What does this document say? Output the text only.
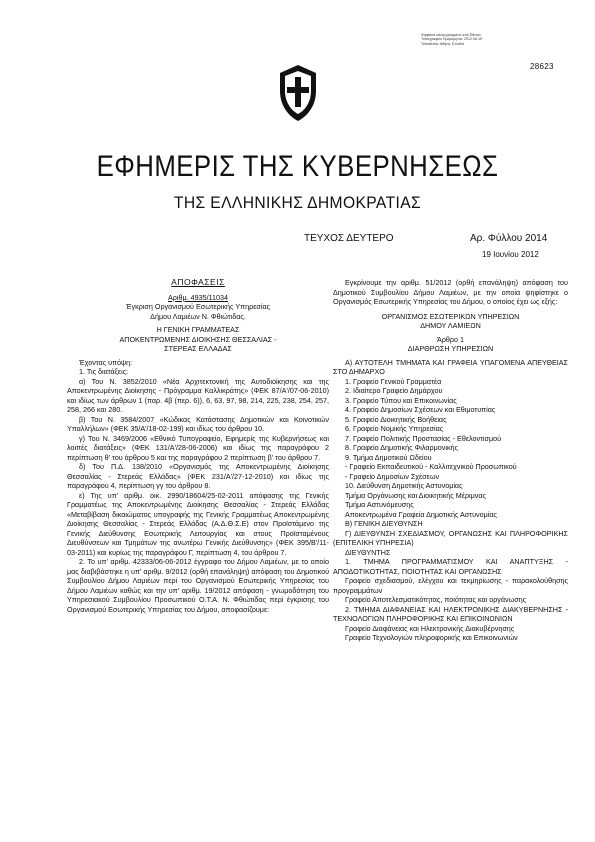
Ψηφιακά υπογεγραμμένο από Εθνικό Τυπογραφείο Ημερομηνία: 2012.06.19 Τοποθεσία: Αθήνα, Ελλάδα
28623
ΕΦΗΜΕΡΙΣ ΤΗΣ ΚΥΒΕΡΝΗΣΕΩΣ
ΤΗΣ ΕΛΛΗΝΙΚΗΣ ΔΗΜΟΚΡΑΤΙΑΣ
ΤΕΥΧΟΣ ΔΕΥΤΕΡΟ	Αρ. Φύλλου 2014
19 Ιουνίου 2012

ΑΠΟΦΑΣΕΙΣ

Αριθμ. 4935/11034

Έγκριση Οργανισμού Εσωτερικής Υπηρεσίας

Δήμου Λαμιέων Ν. Φθιώτιδας.

Η ΓΕΝΙΚΗ ΓΡΑΜΜΑΤΕΑΣ

ΑΠΟΚΕΝΤΡΩΜΕΝΗΣ ΔΙΟΙΚΗΣΗΣ ΘΕΣΣΑΛΙΑΣ -

ΣΤΕΡΕΑΣ ΕΛΛΑΔΑΣ

Έχοντας υπόψη:

1. Τις διατάξεις:

α) Του Ν. 3852/2010 «Νέα Αρχιτεκτονική της Αυτοδιοίκησης και της Αποκεντρωμένης Διοίκησης - Πρόγραμμα Καλλικράτης» (ΦΕΚ 87/Α'/07-06-2010) και ιδίως των άρθρων 1 (παρ. 4β (περ. 6)), 6, 63, 97, 98, 214, 225, 238, 254, 257, 258, 266 και 280.

β) Του Ν. 3584/2007 «Κώδικας Κατάστασης Δημοτικών και Κοινοτικών Υπαλλήλων» (ΦΕΚ 35/Α'/18-02-199) και ιδίως του άρθρου 10.

γ) Του Ν. 3469/2006 «Εθνικό Τυπογραφείο, Εφημερίς της Κυβερνήσεως και λοιπές διατάξεις» (ΦΕΚ 131/Α'/28-06-2006) και ιδίως της παραγράφου 2 περίπτωση θ' του άρθρου 5 και της παραγράφου 2 περίπτωση β' του άρθρου 7.

δ) Του Π.Δ. 138/2010 «Οργανισμός της Αποκεντρωμένης Διοίκησης Θεσσαλίας - Στερεάς Ελλάδας» (ΦΕΚ 231/Α'/27-12-2010) και ιδίως της παραγράφου 4, περίπτωση γγ του άρθρου 8.

ε) Της υπ' αριθμ. οικ. 2990/18604/25-02-2011 απόφασης της Γενικής Γραμματέως της Αποκεντρωμένης Διοίκησης Θεσσαλίας - Στερεάς Ελλάδας «Μεταβίβαση δικαιώματος υπογραφής της Γενικής Γραμματέως Αποκεντρωμένης Διοίκησης Θεσσαλίας - Στερεάς Ελλάδας (Α.Δ.Θ.Σ.Ε) στον Προϊστάμενο της Γενικής Διεύθυνσης Εσωτερικής Λειτουργίας και στους Προϊσταμένους Διευθύνσεων και Τμημάτων της ανωτέρω Γενικής Διεύθυνσης» (ΦΕΚ 395/Β'/11-03-2011) και κυρίως της παραγράφου Γ, περίπτωση 4, του άρθρου 7.

2. Το υπ' αριθμ. 42333/06-06-2012 έγγραφο του Δήμου Λαμιέων, με το οποίο μας διαβιβάστηκε η υπ' αριθμ. 9/2012 (ορθή επανάληψη) απόφαση του Δημοτικού Συμβουλίου Δήμου Λαμιέων περί του Οργανισμού Εσωτερικής Υπηρεσίας του Δήμου Λαμιέων καθώς και την υπ' αριθμ. 19/2012 απόφαση - γνωμοδότηση του Υπηρεσιακού Συμβουλίου Προσωπικού Ο.Τ.Α. Ν. Φθιώτιδας περί έγκρισης του Οργανισμού Εσωτερικής Υπηρεσίας του Δήμου, αποφασίζουμε:

Εγκρίνουμε την αριθμ. 51/2012 (ορθή επανάληψη) απόφαση του Δημοτικού Συμβουλίου Δήμου Λαμιέων, με την οποία ψηφίστηκε ο Οργανισμός Εσωτερικής Υπηρεσίας του Δήμου, ο οποίος έχει ως εξής:

ΟΡΓΑΝΙΣΜΟΣ ΕΣΩΤΕΡΙΚΩΝ ΥΠΗΡΕΣΙΩΝ

ΔΗΜΟΥ ΛΑΜΙΕΩΝ

Άρθρο 1

ΔΙΑΡΘΡΩΣΗ ΥΠΗΡΕΣΙΩΝ

Α) ΑΥΤΟΤΕΛΗ ΤΜΗΜΑΤΑ ΚΑΙ ΓΡΑΦΕΙΑ ΥΠΑΓΟΜΕΝΑ ΑΠΕΥΘΕΙΑΣ ΣΤΟ ΔΗΜΑΡΧΟ

1. Γραφείο Γενικού Γραμματέα

2. Ιδιαίτερο Γραφείο Δημάρχου

3. Γραφείο Τύπου και Επικοινωνίας

4. Γραφείο Δημοσίων Σχέσεων και Εθιμοτυπίας

5. Γραφείο Διοικητικής Βοήθειας

6. Γραφείο Νομικής Υπηρεσίας

7. Γραφείο Πολιτικής Προστασίας - Εθελοντισμού

8. Γραφείο Δημοτικής Φιλαρμονικής

9. Τμήμα Δημοτικού Ωδείου

- Γραφείο Εκπαιδευτικού - Καλλιτεχνικού Προσωπικού

- Γραφείο Δημοσίων Σχέσεων

10. Διεύθυνση Δημοτικής Αστυνομίας

Τμήμα Οργάνωσης και Διοικητικής Μέριμνας

Τμήμα Αστυνόμευσης

Αποκεντρωμένα Γραφεία Δημοτικής Αστυνομίας

Β) ΓΕΝΙΚΗ ΔΙΕΥΘΥΝΣΗ

Γ) ΔΙΕΥΘΥΝΣΗ ΣΧΕΔΙΑΣΜΟΥ, ΟΡΓΑΝΩΣΗΣ ΚΑΙ ΠΛΗΡΟΦΟΡΙΚΗΣ (ΕΠΙΤΕΛΙΚΗ ΥΠΗΡΕΣΙΑ)

ΔΙΕΥΘΥΝΤΗΣ

1. ΤΜΗΜΑ ΠΡΟΓΡΑΜΜΑΤΙΣΜΟΥ ΚΑΙ ΑΝΑΠΤΥΞΗΣ - ΑΠΟΔΟΤΙΚΟΤΗΤΑΣ, ΠΟΙΟΤΗΤΑΣ ΚΑΙ ΟΡΓΑΝΩΣΗΣ

Γραφείο σχεδιασμού, ελέγχου και τεκμηρίωσης - παρακολούθησης προγραμμάτων

Γραφείο Αποτελεσματικότητας, ποιότητας και οργάνωσης

2. ΤΜΗΜΑ ΔΙΑΦΑΝΕΙΑΣ ΚΑΙ ΗΛΕΚΤΡΟΝΙΚΗΣ ΔΙΑΚΥΒΕΡΝΗΣΗΣ - ΤΕΧΝΟΛΟΓΙΩΝ ΠΛΗΡΟΦΟΡΙΚΗΣ ΚΑΙ ΕΠΙΚΟΙΝΩΝΙΩΝ

Γραφείο Διαφάνειας και Ηλεκτρονικής Διακυβέρνησης

Γραφείο Τεχνολογιών πληροφορικής και Επικοινωνιών
